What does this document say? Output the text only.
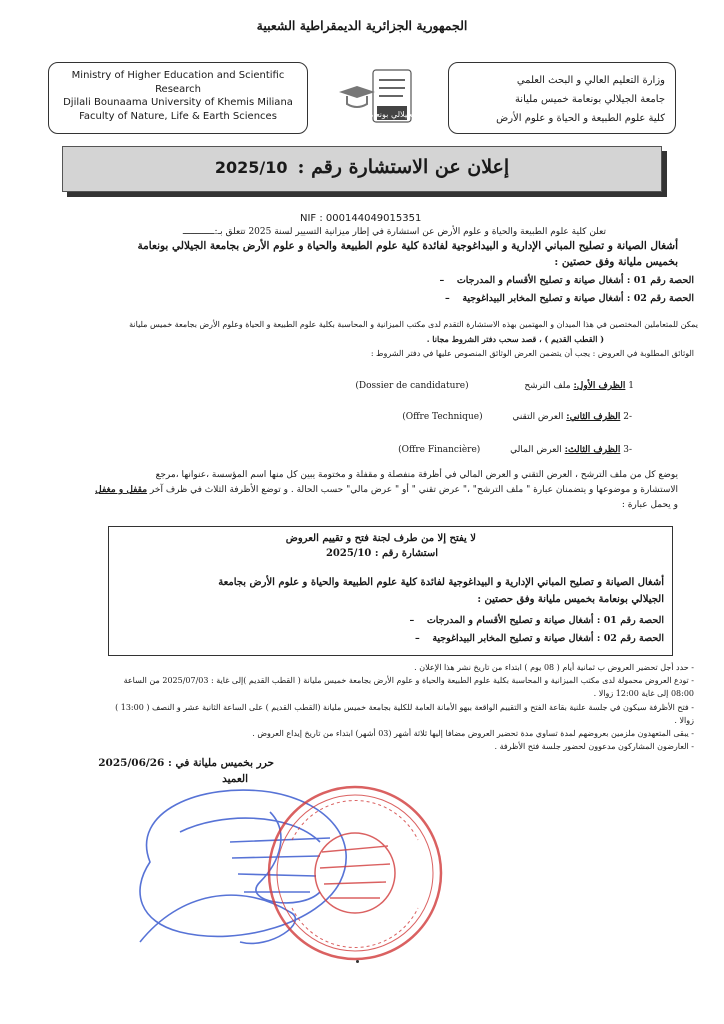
الجمهورية الجزائرية الديمقراطية الشعبية
Ministry of Higher Education and Scientific
Research
Djilali Bounaama University of Khemis Miliana
Faculty of Nature, Life & Earth Sciences	الجيلالي بونعامة
وزارة التعليم العالي و البحث العلمي
جامعة الجيلالي بونعامة خميس مليانة
كلية علوم الطبيعة و الحياة و علوم الأرض
إعلان عن الاستشارة رقم :2025/10
NIF : 000144049015351
تعلن كلية علوم الطبيعة والحياة و علوم الأرض عن استشارة في إطار ميزانية التسيير لسنة 2025 تتعلق بـ:ــــــــــــ
أشغال الصيانة و تصليح المباني الإدارية و البيداغوجية لفائدة كلية علوم الطبيعة والحياة و علوم الأرض بجامعة الجيلالي بونعامة
بخميس مليانة وفق حصتين :
الحصة رقم 01 : أشغال صيانة و تصليح الأقسام و المدرجات–
الحصة رقم 02 : أشغال صيانة و تصليح المخابر البيداغوجية–
يمكن للمتعاملين المختصين في هذا الميدان و المهتمين بهذه الاستشارة التقدم لدى مكتب الميزانية و المحاسبة بكلية علوم الطبيعة و الحياة وعلوم الأرض بجامعة خميس مليانة
( القطب القديم ) ، قصد سحب دفتر الشروط مجانا .
الوثائق المطلوبة في العروض : يجب أن يتضمن العرض الوثائق المنصوص عليها في دفتر الشروط :
1 الظرف الأول: ملف الترشح  (Dossier de candidature)
-2 الظرف الثاني: العرض التقني  (Offre Technique)
-3 الظرف الثالث: العرض المالي  (Offre Financière)
يوضع كل من ملف الترشح ، العرض التقني و العرض المالي في أظرفة منفصلة و مقفلة و مختومة يبين كل منها اسم المؤسسة ،عنوانها ،مرجع
الاستشارة و موضوعها و يتضمنان عبارة " ملف الترشح" ،" عرض تقني " أو " عرض مالي" حسب الحالة . و توضع الأظرفة الثلاث في ظرف آخر مقفل و مغفل
و يحمل عبارة :
لا يفتح إلا من طرف لجنة فتح و تقييم العروض
استشارة رقم : 2025/10
أشغال الصيانة و تصليح المباني الإدارية و البيداغوجية لفائدة كلية علوم الطبيعة والحياة و علوم الأرض بجامعة
الجيلالي بونعامة بخميس مليانة وفق حصتين :
الحصة رقم 01 : أشغال صيانة و تصليح الأقسام و المدرجات–
الحصة رقم 02 : أشغال صيانة و تصليح المخابر البيداغوجية–
- حدد أجل تحضير العروض ب ثمانية أيام ( 08 يوم ) ابتداء من تاريخ نشر هذا الإعلان .
- تودع العروض محمولة لدى مكتب الميزانية و المحاسبة بكلية علوم الطبيعة والحياة و علوم الأرض بجامعة خميس مليانة ( القطب القديم )إلى غاية : 2025/07/03 من الساعة
08:00 إلى غاية 12:00 زوالا .
- فتح الأظرفة سيكون في جلسة علنية بقاعة الفتح و التقييم الواقعة ببهو الأمانة العامة للكلية بجامعة خميس مليانة (القطب القديم ) على الساعة الثانية عشر و النصف ( 13:00 )
زوالا .
- يبقى المتعهدون ملزمين بعروضهم لمدة تساوي مدة تحضير العروض مضافا إليها ثلاثة أشهر (03 أشهر) ابتداء من تاريخ إيداع العروض .
- العارضون المشاركون مدعوون لحضور جلسة فتح الأظرفة .
حرر بخميس مليانة في : 2025/06/26
العميد
